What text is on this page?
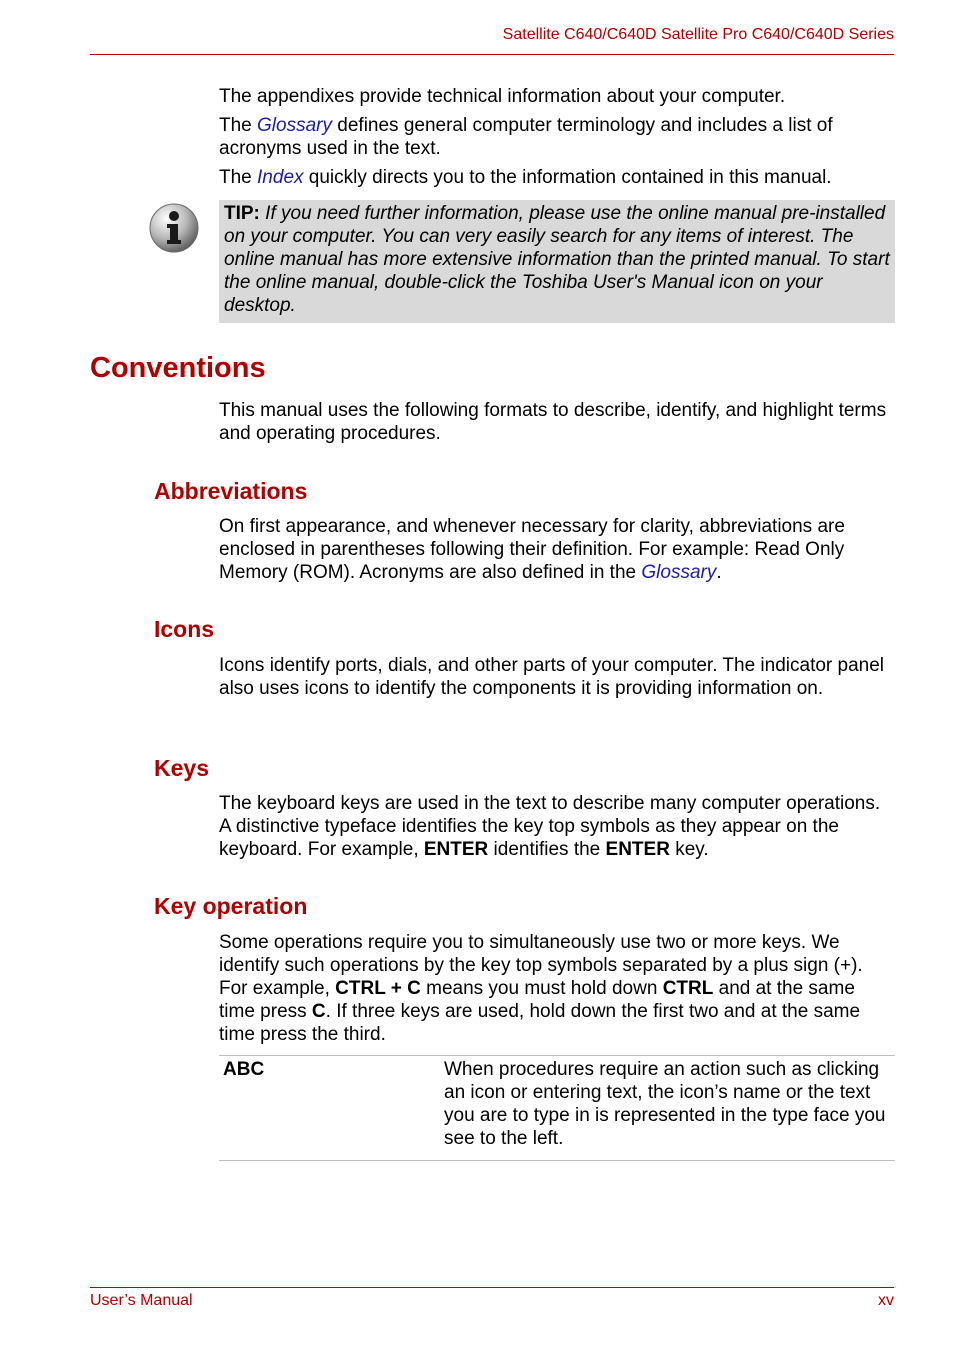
Satellite C640/C640D Satellite Pro C640/C640D Series

The appendixes provide technical information about your computer.

The Glossary defines general computer terminology and includes a list of acronyms used in the text.

The Index quickly directs you to the information contained in this manual.

TIP: If you need further information, please use the online manual pre-installed on your computer. You can very easily search for any items of interest. The online manual has more extensive information than the printed manual. To start the online manual, double-click the Toshiba User's Manual icon on your desktop.
Conventions

This manual uses the following formats to describe, identify, and highlight terms and operating procedures.

Abbreviations

On first appearance, and whenever necessary for clarity, abbreviations are enclosed in parentheses following their definition. For example: Read Only Memory (ROM). Acronyms are also defined in the Glossary.

Icons

Icons identify ports, dials, and other parts of your computer. The indicator panel also uses icons to identify the components it is providing information on.

Keys

The keyboard keys are used in the text to describe many computer operations. A distinctive typeface identifies the key top symbols as they appear on the keyboard. For example, ENTER identifies the ENTER key.

Key operation

Some operations require you to simultaneously use two or more keys. We identify such operations by the key top symbols separated by a plus sign (+). For example, CTRL + C means you must hold down CTRL and at the same time press C. If three keys are used, hold down the first two and at the same time press the third.

ABC	When procedures require an action such as clicking an icon or entering text, the icon’s name or the text you are to type in is represented in the type face you see to the left.
User’s Manual	xv
